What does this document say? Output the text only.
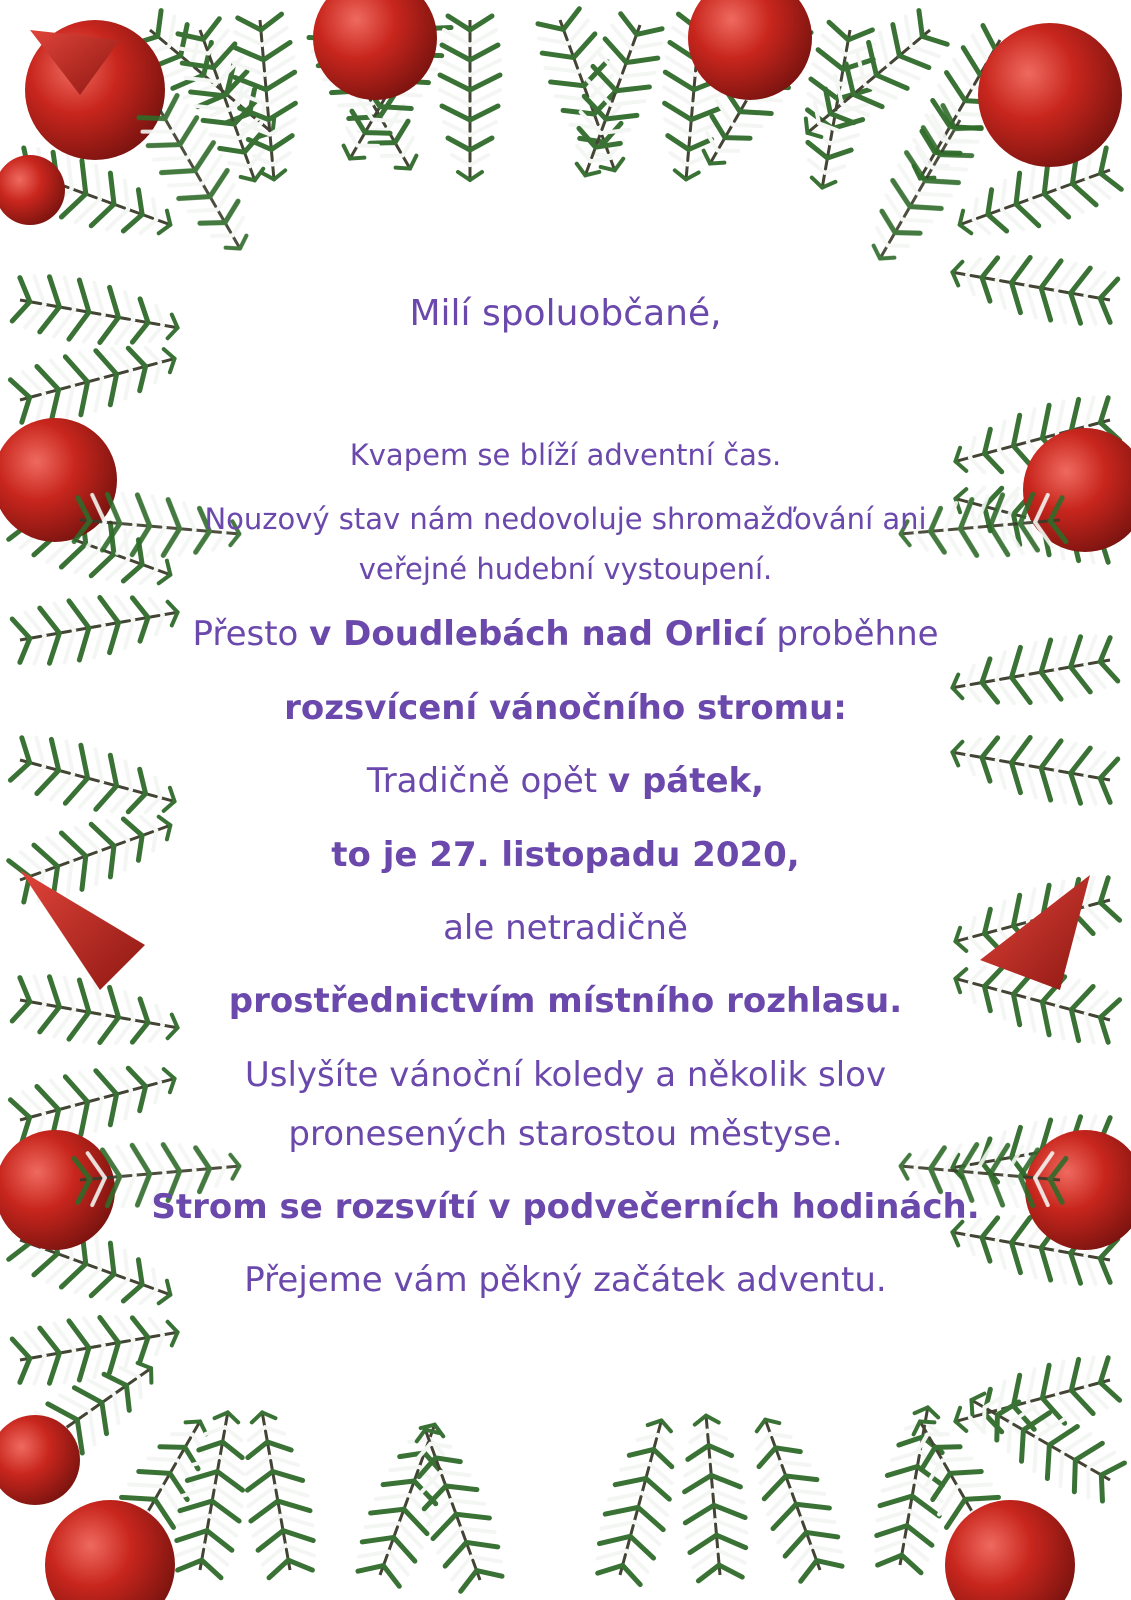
Milí spoluobčané,
Kvapem se blíží adventní čas.
Nouzový stav nám nedovoluje shromažďování ani
veřejné hudební vystoupení.
Přesto v Doudlebách nad Orlicí proběhne
rozsvícení vánočního stromu:
Tradičně opět v pátek,
to je 27. listopadu 2020,
ale netradičně
prostřednictvím místního rozhlasu.
Uslyšíte vánoční koledy a několik slov
pronesených starostou městyse.
Strom se rozsvítí v podvečerních hodinách.
Přejeme vám pěkný začátek adventu.
